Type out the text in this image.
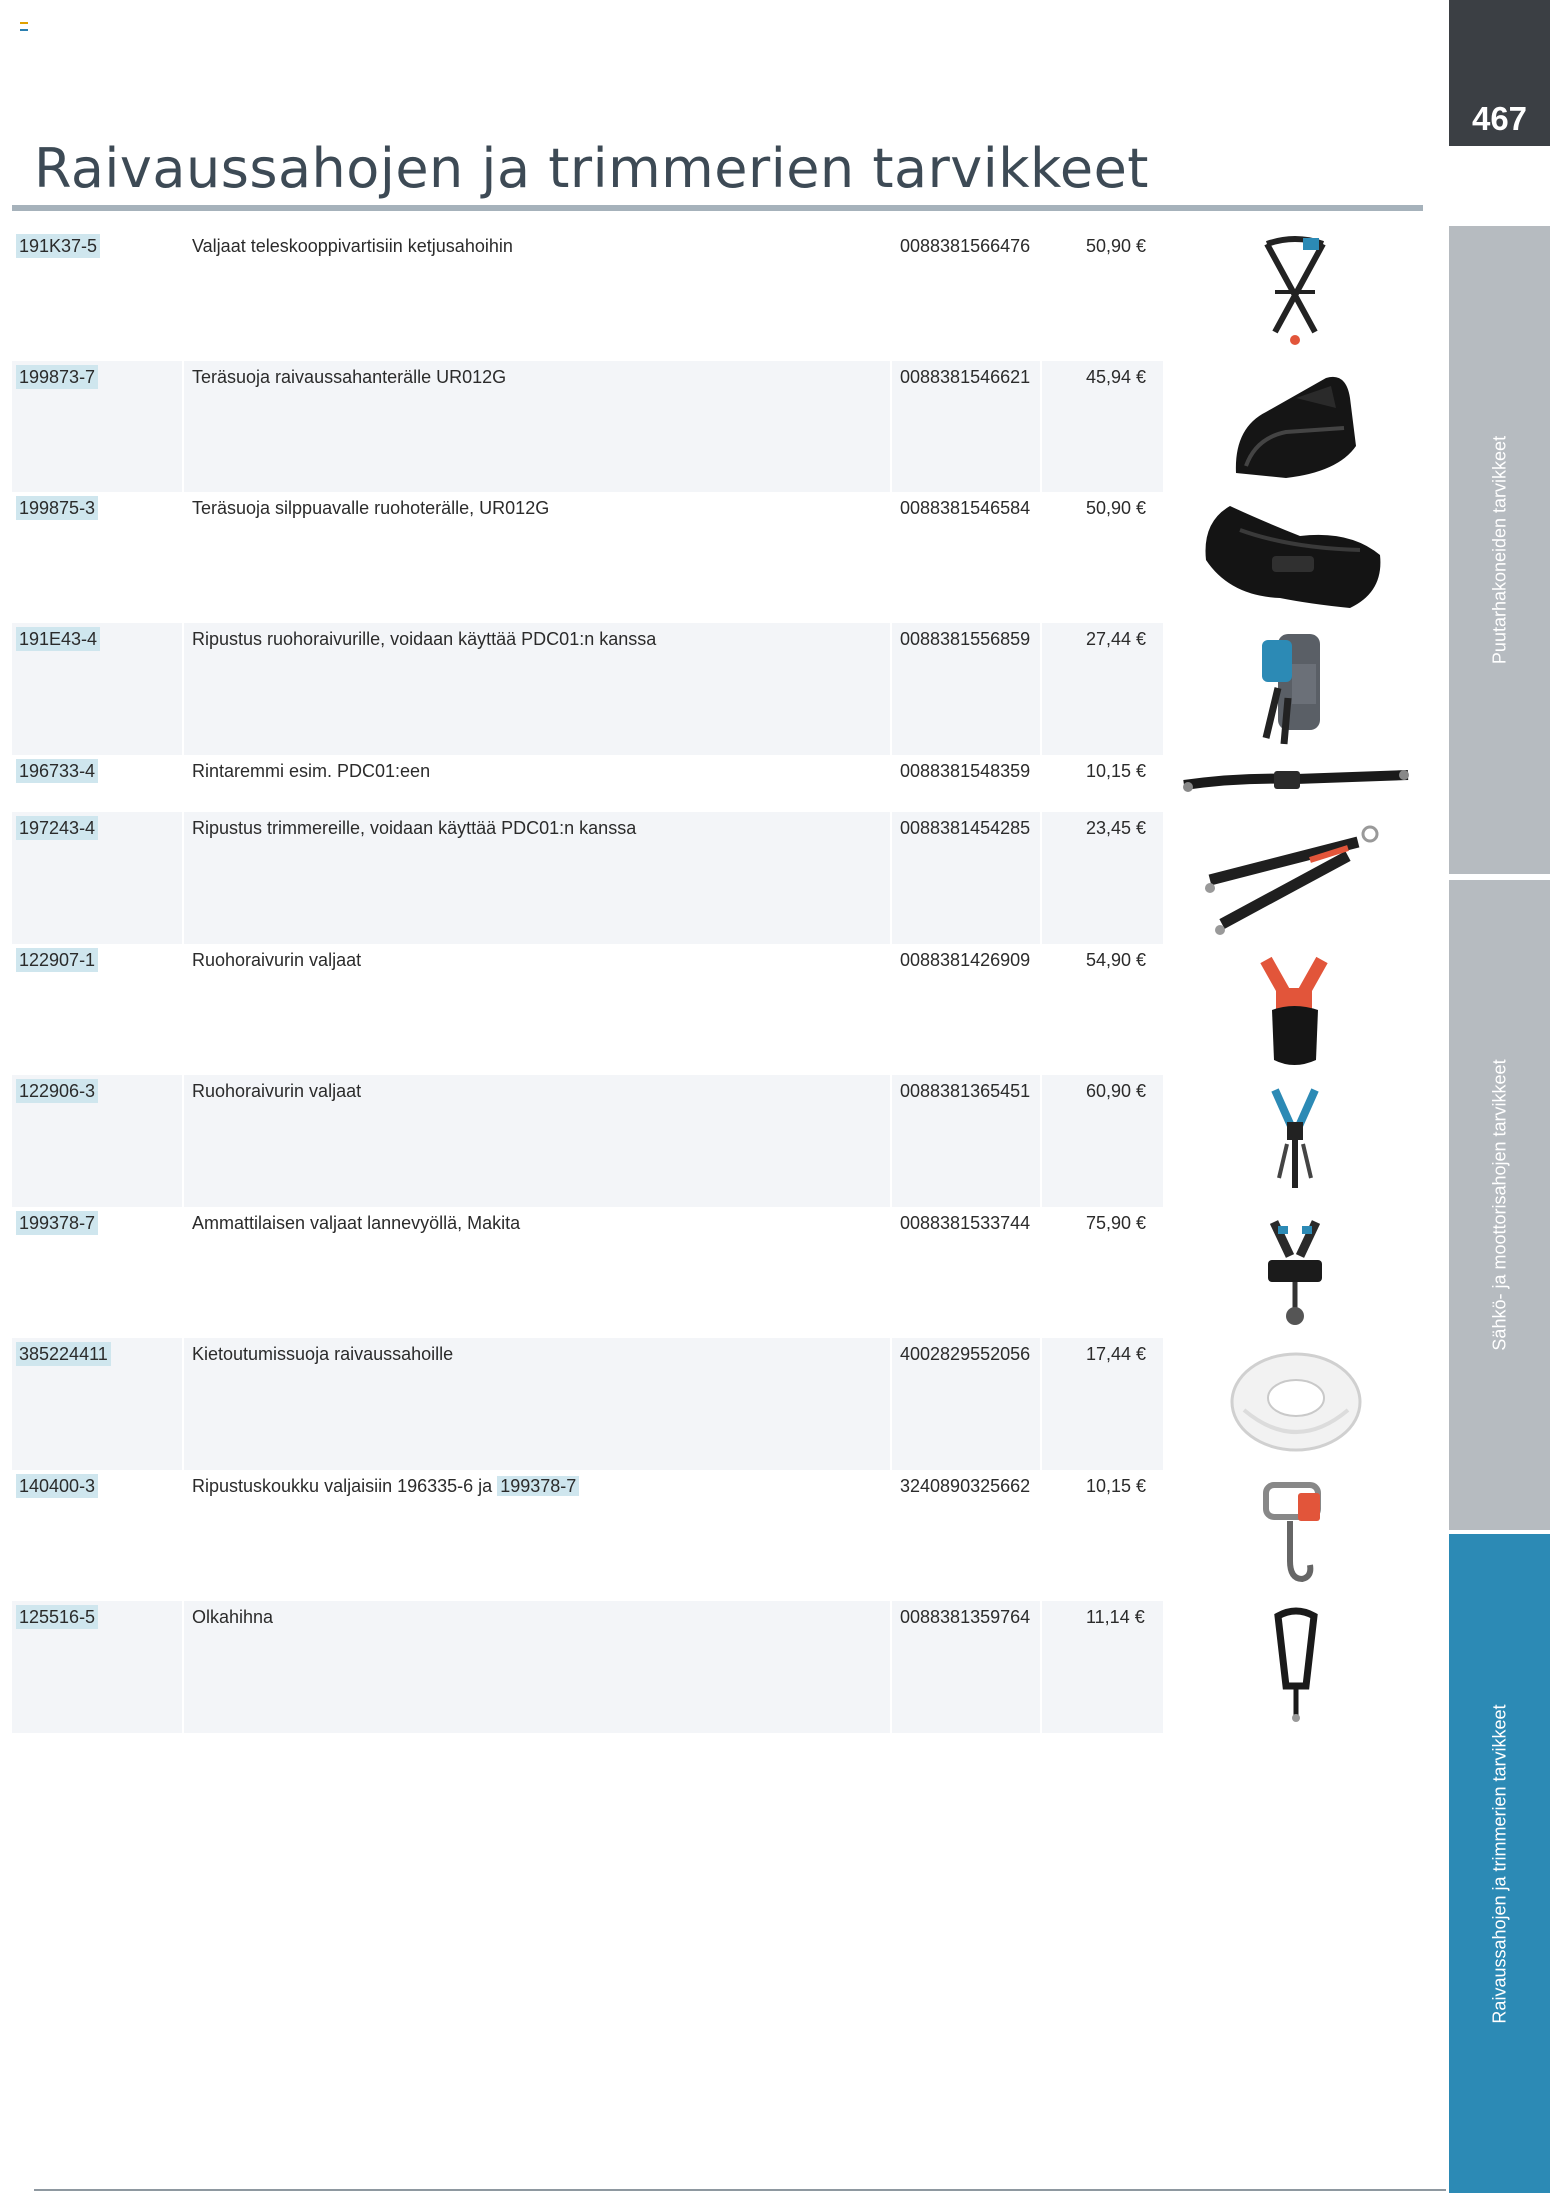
Raivaussahojen ja trimmerien tarvikkeet
467
Puutarhakoneiden tarvikkeet
Sähkö- ja moottorisahojen tarvikkeet
Raivaussahojen ja trimmerien tarvikkeet
191K37-5	Valjaat teleskooppivartisiin ketjusahoihin	0088381566476	50,90 €
199873-7	Teräsuoja raivaussahanterälle UR012G	0088381546621	45,94 €
199875-3	Teräsuoja silppuavalle ruohoterälle, UR012G	0088381546584	50,90 €
191E43-4	Ripustus ruohoraivurille, voidaan käyttää PDC01:n kanssa	0088381556859	27,44 €
196733-4	Rintaremmi esim. PDC01:een	0088381548359	10,15 €
197243-4	Ripustus trimmereille, voidaan käyttää PDC01:n kanssa	0088381454285	23,45 €
122907-1	Ruohoraivurin valjaat	0088381426909	54,90 €
122906-3	Ruohoraivurin valjaat	0088381365451	60,90 €
199378-7	Ammattilaisen valjaat lannevyöllä, Makita	0088381533744	75,90 €
385224411	Kietoutumissuoja raivaussahoille	4002829552056	17,44 €
140400-3	Ripustuskoukku valjaisiin 196335-6 ja 199378-7	3240890325662	10,15 €
125516-5	Olkahihna	0088381359764	11,14 €
